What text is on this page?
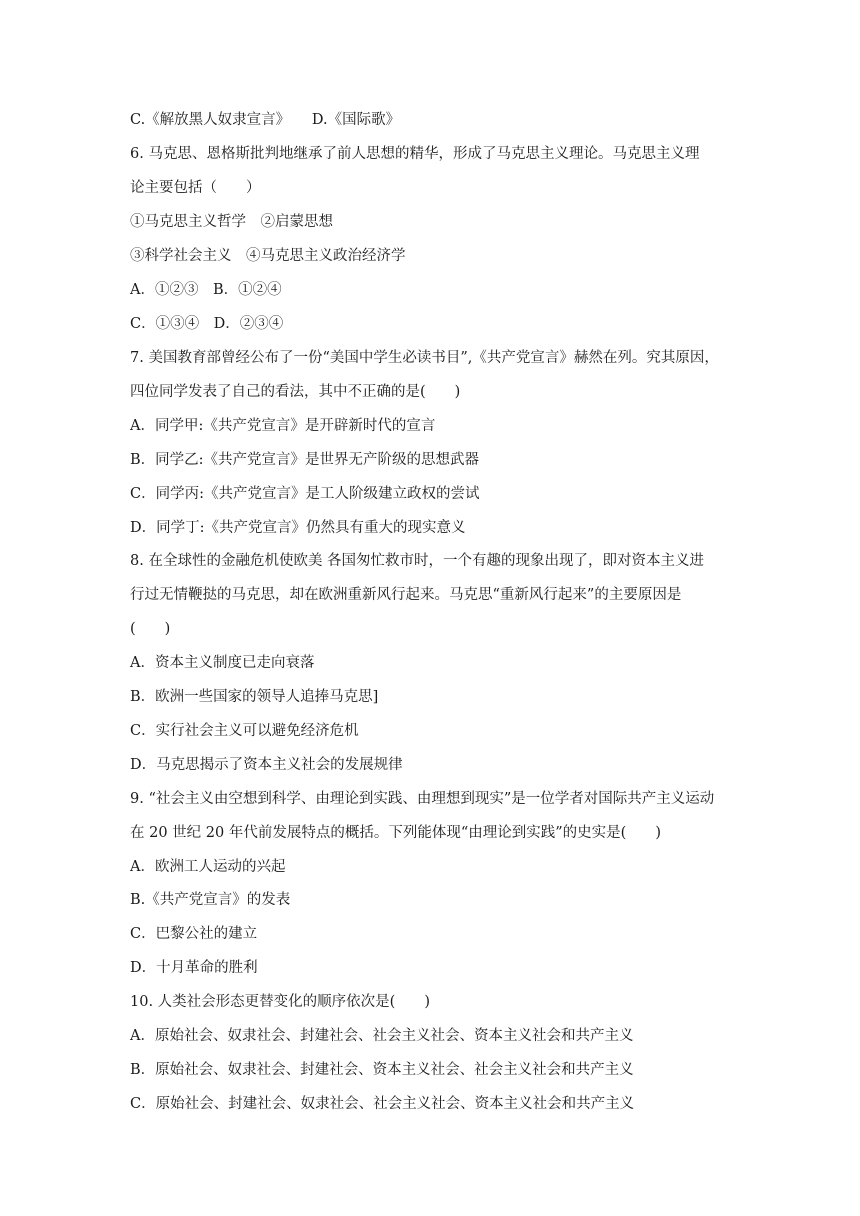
C.《解放黑人奴隶宣言》　　D.《国际歌》
6. 马克思、恩格斯批判地继承了前人思想的精华，形成了马克思主义理论。马克思主义理
论主要包括（　　）
①马克思主义哲学　②启蒙思想
③科学社会主义　④马克思主义政治经济学
A．①②③　B．①②④
C．①③④　D．②③④
7. 美国教育部曾经公布了一份“美国中学生必读书目”,《共产党宣言》赫然在列。究其原因，
四位同学发表了自己的看法，其中不正确的是(　　)
A．同学甲:《共产党宣言》是开辟新时代的宣言
B．同学乙:《共产党宣言》是世界无产阶级的思想武器
C．同学丙:《共产党宣言》是工人阶级建立政权的尝试
D．同学丁:《共产党宣言》仍然具有重大的现实意义
8. 在全球性的金融危机使欧美 各国匆忙救市时，一个有趣的现象出现了，即对资本主义进
行过无情鞭挞的马克思，却在欧洲重新风行起来。马克思“重新风行起来”的主要原因是
(　　)
A．资本主义制度已走向衰落
B．欧洲一些国家的领导人追捧马克思]
C．实行社会主义可以避免经济危机
D．马克思揭示了资本主义社会的发展规律
9. “社会主义由空想到科学、由理论到实践、由理想到现实”是一位学者对国际共产主义运动
在 20 世纪 20 年代前发展特点的概括。下列能体现“由理论到实践”的史实是(　　)
A．欧洲工人运动的兴起
B.《共产党宣言》的发表
C．巴黎公社的建立
D．十月革命的胜利
10. 人类社会形态更替变化的顺序依次是(　　)
A．原始社会、奴隶社会、封建社会、社会主义社会、资本主义社会和共产主义
B．原始社会、奴隶社会、封建社会、资本主义社会、社会主义社会和共产主义
C．原始社会、封建社会、奴隶社会、社会主义社会、资本主义社会和共产主义
